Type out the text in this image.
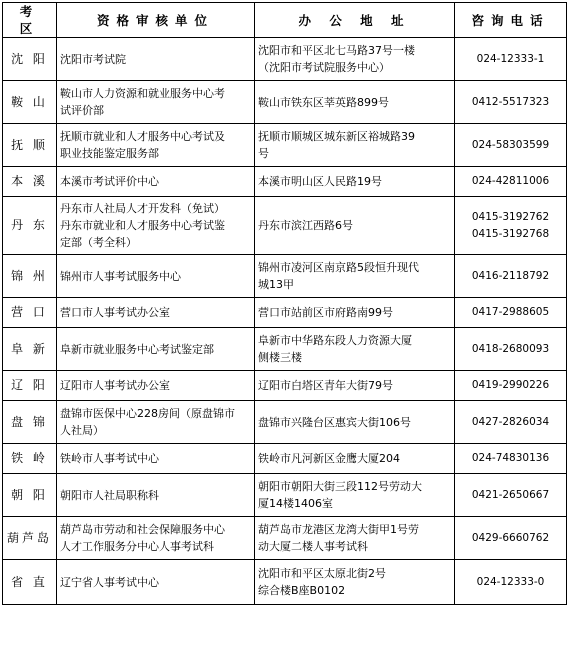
考 区	资格审核单位	办 公 地 址	咨询电话
沈 阳	沈阳市考试院	沈阳市和平区北七马路37号一楼
（沈阳市考试院服务中心）	024-12333-1

鞍 山	鞍山市人力资源和就业服务中心考
试评价部	鞍山市铁东区莘英路899号	0412-5517323

抚 顺	抚顺市就业和人才服务中心考试及
职业技能鉴定服务部	抚顺市顺城区城东新区裕城路39
号	024-58303599

本 溪	本溪市考试评价中心	本溪市明山区人民路19号	024-42811006

丹 东	丹东市人社局人才开发科（免试）
丹东市就业和人才服务中心考试鉴
定部（考全科）	丹东市滨江西路6号	0415-3192762
0415-3192768

锦 州	锦州市人事考试服务中心	锦州市凌河区南京路5段恒升现代
城13甲	0416-2118792

营 口	营口市人事考试办公室	营口市站前区市府路南99号	0417-2988605

阜 新	阜新市就业服务中心考试鉴定部	阜新市中华路东段人力资源大厦
侧楼三楼	0418-2680093

辽 阳	辽阳市人事考试办公室	辽阳市白塔区青年大街79号	0419-2990226

盘 锦	盘锦市医保中心228房间（原盘锦市
人社局）	盘锦市兴隆台区惠宾大街106号	0427-2826034

铁 岭	铁岭市人事考试中心	铁岭市凡河新区金鹰大厦204	024-74830136

朝 阳	朝阳市人社局职称科	朝阳市朝阳大街三段112号劳动大
厦14楼1406室	0421-2650667

葫芦岛	葫芦岛市劳动和社会保障服务中心
人才工作服务分中心人事考试科	葫芦岛市龙港区龙湾大街甲1号劳
动大厦二楼人事考试科	0429-6660762

省 直	辽宁省人事考试中心	沈阳市和平区太原北街2号
综合楼B座B0102	024-12333-0
